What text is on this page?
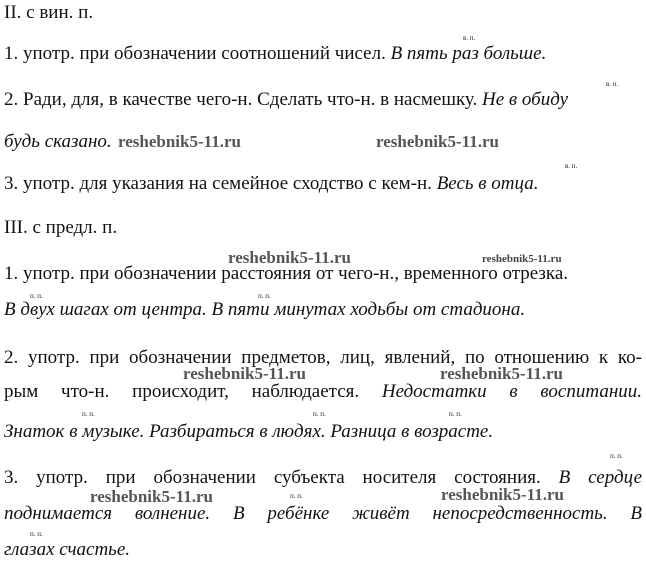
II. с вин. п.
1. употр. при обозначении соотношений чисел. В пять раз больше.
в. п.
2. Ради, для, в качестве чего-н. Сделать что-н. в насмешку. Не в обиду
в. п.
будь сказано.
3. употр. для указания на семейное сходство с кем-н. Весь в отца.
в. п.
III. с предл. п.
1. употр. при обозначении расстояния от чего-н., временного отрезка.
В двух шагах от центра. В пяти минутах ходьбы от стадиона.
п. п.	п. п.
2. употр. при обозначении предметов, лиц, явлений, по отношению к ко-
рым что-н. происходит, наблюдается. Недостатки в воспитании.
Знаток в музыке. Разбираться в людях. Разница в возрасте.
п. п.	п. п.	п. п.
3. употр. при обозначении субъекта носителя состояния. В сердце
п. п.
поднимается волнение. В ребёнке живёт непосредственность. В
п. п.
глазах счастье.
п. п.
reshebnik5-11.ru	reshebnik5-11.ru
reshebnik5-11.ru	reshebnik5-11.ru
reshebnik5-11.ru	reshebnik5-11.ru
reshebnik5-11.ru	reshebnik5-11.ru
